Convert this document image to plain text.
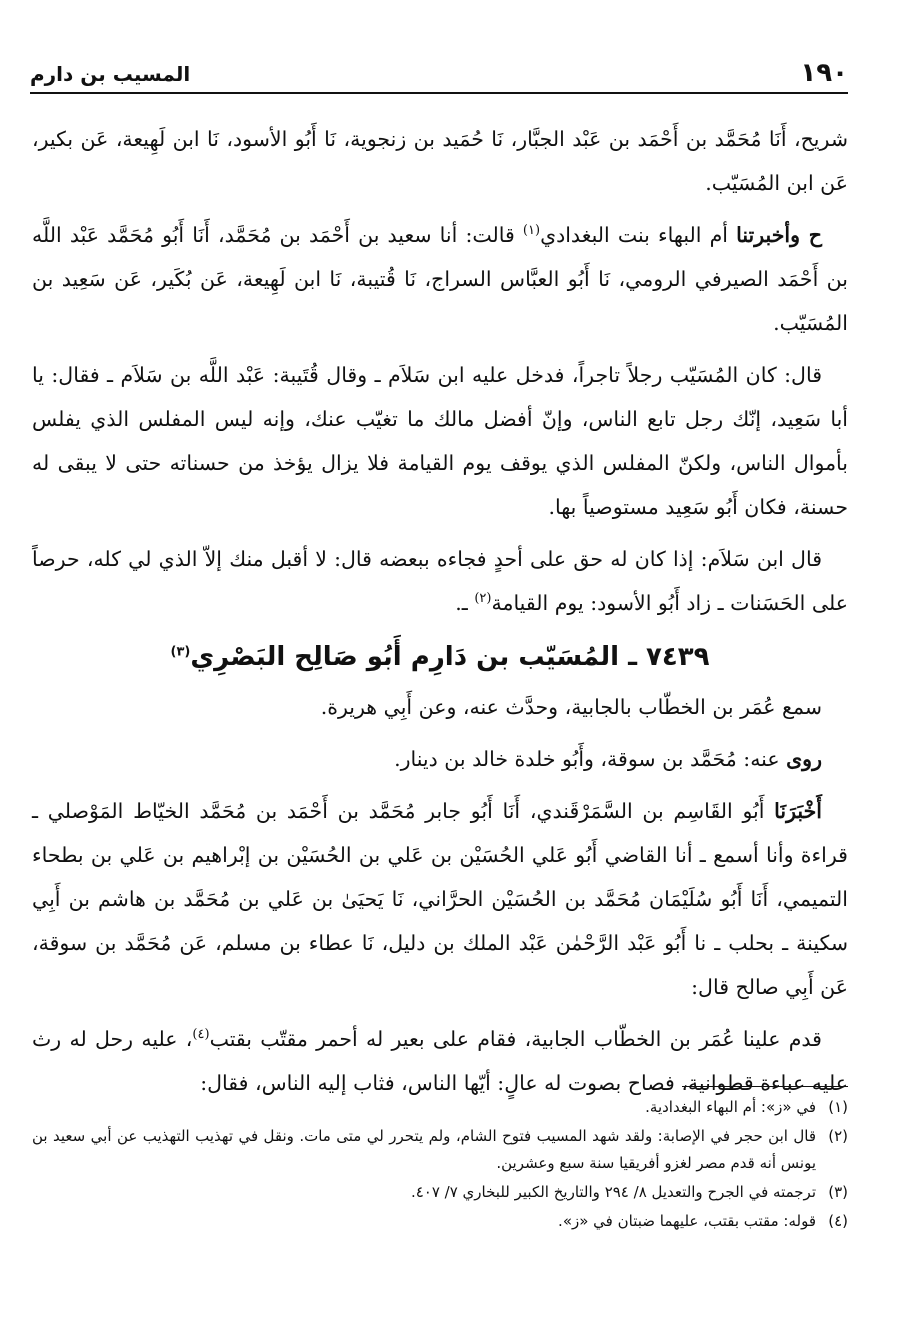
١٩٠
المسيب بن دارم

شريح، أَنَا مُحَمَّد بن أَحْمَد بن عَبْد الجبَّار، نَا حُمَيد بن زنجوية، نَا أَبُو الأسود، نَا ابن لَهِيعة، عَن بكير، عَن ابن المُسَيّب.

ح وأخبرتنا أم البهاء بنت البغدادي$^{(١)}$ قالت: أنا سعيد بن أَحْمَد بن مُحَمَّد، أَنَا أَبُو مُحَمَّد عَبْد اللَّه بن أَحْمَد الصيرفي الرومي، نَا أَبُو العبَّاس السراج، نَا قُتيبة، نَا ابن لَهِيعة، عَن بُكَير، عَن سَعِيد بن المُسَيّب.

قال: كان المُسَيّب رجلاً تاجراً، فدخل عليه ابن سَلاَم ـ وقال قُتَيبة: عَبْد اللَّه بن سَلاَم ـ فقال: يا أبا سَعِيد، إنّك رجل تابع الناس، وإنّ أفضل مالك ما تغيّب عنك، وإنه ليس المفلس الذي يفلس بأموال الناس، ولكنّ المفلس الذي يوقف يوم القيامة فلا يزال يؤخذ من حسناته حتى لا يبقى له حسنة، فكان أَبُو سَعِيد مستوصياً بها.

قال ابن سَلاَم: إذا كان له حق على أحدٍ فجاءه ببعضه قال: لا أقبل منك إلاّ الذي لي كله، حرصاً على الحَسَنات ـ زاد أَبُو الأسود: يوم القيامة$^{(٢)}$ ـ.

٧٤٣٩ ـ المُسَيّب بن دَارِم أَبُو صَالِح البَصْرِي$^{(٣)}$

سمع عُمَر بن الخطّاب بالجابية، وحدَّث عنه، وعن أَبِي هريرة.

روى عنه: مُحَمَّد بن سوقة، وأَبُو خلدة خالد بن دينار.

أَخْبَرَنَا أَبُو القَاسِم بن السَّمَرْقَندي، أَنَا أَبُو جابر مُحَمَّد بن أَحْمَد بن مُحَمَّد الخيّاط المَوْصلي ـ قراءة وأنا أسمع ـ أنا القاضي أَبُو عَلي الحُسَيْن بن عَلي بن الحُسَيْن بن إبْراهيم بن عَلي بن بطحاء التميمي، أَنَا أَبُو سُلَيْمَان مُحَمَّد بن الحُسَيْن الحرَّاني، نَا يَحيَىٰ بن عَلي بن مُحَمَّد بن هاشم بن أَبِي سكينة ـ بحلب ـ نا أَبُو عَبْد الرَّحْمٰن عَبْد الملك بن دليل، نَا عطاء بن مسلم، عَن مُحَمَّد بن سوقة، عَن أَبِي صالح قال:

قدم علينا عُمَر بن الخطّاب الجابية، فقام على بعير له أحمر مقتّب بقتب$^{(٤)}$، عليه رحل له رث عليه عباءة قطوانية، فصاح بصوت له عالٍ: أيّها الناس، فثاب إليه الناس، فقال:

(١)
في «ز»: أم البهاء البغدادية.
(٢)
قال ابن حجر في الإصابة: ولقد شهد المسيب فتوح الشام، ولم يتحرر لي متى مات. ونقل في تهذيب التهذيب عن أبي سعيد بن يونس أنه قدم مصر لغزو أفريقيا سنة سبع وعشرين.
(٣)
ترجمته في الجرح والتعديل ٨/ ٢٩٤ والتاريخ الكبير للبخاري ٧/ ٤٠٧.
(٤)
قوله: مقتب بقتب، عليهما ضبتان في «ز».
